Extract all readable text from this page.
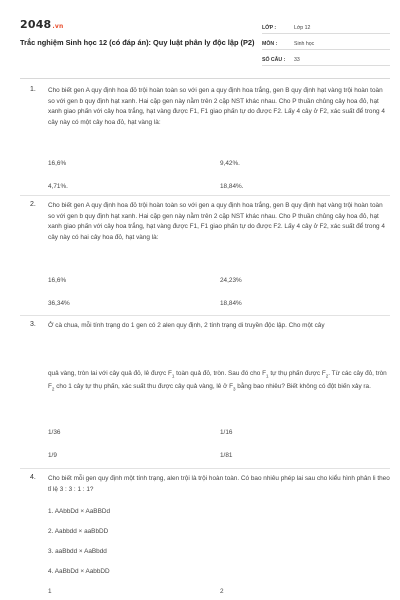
2048.vn
Trắc nghiệm Sinh học 12 (có đáp án): Quy luật phân ly độc lập (P2)
LỚP :	Lớp 12
MÔN :	Sinh học
SỐ CÂU :	33
1. Cho biết gen A quy định hoa đỏ trội hoàn toàn so với gen a quy định hoa trắng, gen B quy định hạt vàng trội hoàn toàn so với gen b quy định hạt xanh. Hai cặp gen này nằm trên 2 cặp NST khác nhau. Cho P thuần chủng cây hoa đỏ, hạt xanh giao phấn với cây hoa trắng, hạt vàng được F1, F1 giao phấn tự do được F2. Lấy 4 cây ở F2, xác suất để trong 4 cây này có một cây hoa đỏ, hạt vàng là:
16,6%	9,42%.
4,71%.	18,84%.
2. Cho biết gen A quy định hoa đỏ trội hoàn toàn so với gen a quy định hoa trắng, gen B quy định hạt vàng trội hoàn toàn so với gen b quy định hạt xanh. Hai cặp gen này nằm trên 2 cặp NST khác nhau. Cho P thuần chủng cây hoa đỏ, hạt xanh giao phấn với cây hoa trắng, hạt vàng được F1, F1 giao phấn tự do được F2. Lấy 4 cây ở F2, xác suất để trong 4 cây này có hai cây hoa đỏ, hạt vàng là:
16,6%	24,23%
36,34%	18,84%
3. Ở cà chua, mỗi tính trạng do 1 gen có 2 alen quy định, 2 tính trạng di truyền độc lập. Cho một cây
quả vàng, tròn lai với cây quả đỏ, lê được $F_1$ toàn quả đỏ, tròn. Sau đó cho $F_1$ tự thụ phấn được $F_2$. Từ các cây đỏ, tròn $F_2$ cho 1 cây tự thụ phấn, xác suất thu được cây quả vàng, lê ở $F_3$ bằng bao nhiêu? Biết không có đột biến xảy ra.
1/36	1/16
1/9	1/81
4. Cho biết mỗi gen quy định một tính trạng, alen trội là trội hoàn toàn. Có bao nhiêu phép lai sau cho kiểu hình phân li theo tỉ lệ 3 : 3 : 1 : 1?
1. AAbbDd × AaBBDd
2. Aabbdd × aaBbDD
3. aaBbdd × AaBbdd
4. AaBbDd × AabbDD
1	2
